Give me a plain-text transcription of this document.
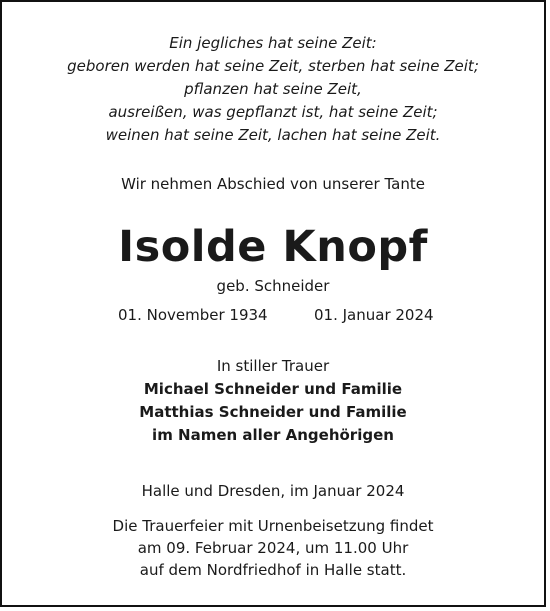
Ein jegliches hat seine Zeit:
geboren werden hat seine Zeit, sterben hat seine Zeit;
pflanzen hat seine Zeit,
ausreißen, was gepflanzt ist, hat seine Zeit;
weinen hat seine Zeit, lachen hat seine Zeit.
Wir nehmen Abschied von unserer Tante
Isolde Knopf
geb. Schneider
01. November 1934	01. Januar 2024
In stiller Trauer
Michael Schneider und Familie
Matthias Schneider und Familie
im Namen aller Angehörigen
Halle und Dresden, im Januar 2024
Die Trauerfeier mit Urnenbeisetzung findet
am 09. Februar 2024, um 11.00 Uhr
auf dem Nordfriedhof in Halle statt.
